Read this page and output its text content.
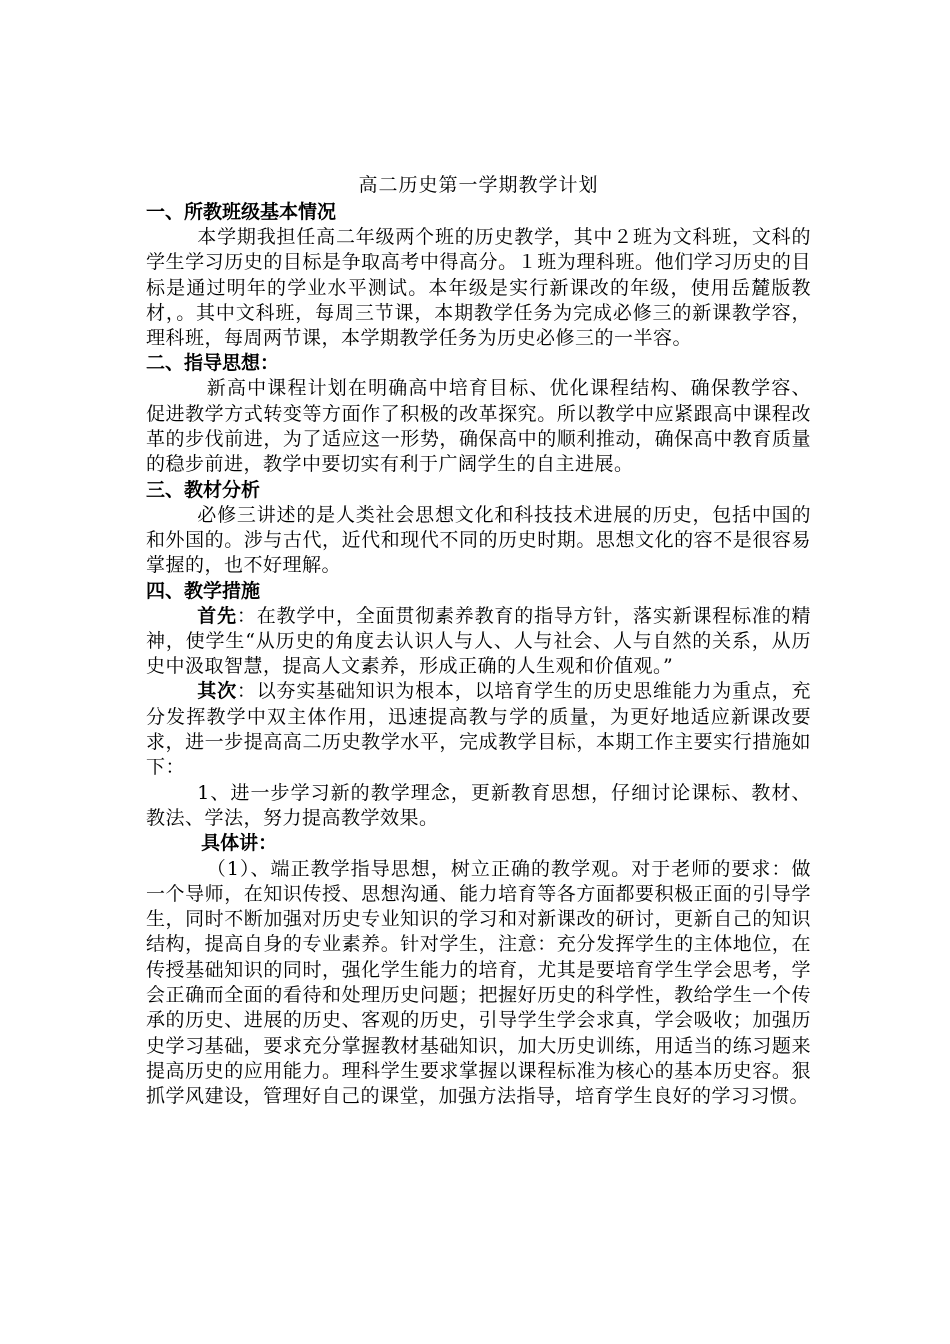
高二历史第一学期教学计划
一、所教班级基本情况

本学期我担任高二年级两个班的历史教学，其中２班为文科班，文科的学生学习历史的目标是争取高考中得高分。１班为理科班。他们学习历史的目标是通过明年的学业水平测试。本年级是实行新课改的年级，使用岳麓版教材，。其中文科班，每周三节课，本期教学任务为完成必修三的新课教学容，理科班，每周两节课，本学期教学任务为历史必修三的一半容。

二、指导思想：

新高中课程计划在明确高中培育目标、优化课程结构、确保教学容、促进教学方式转变等方面作了积极的改革探究。所以教学中应紧跟高中课程改革的步伐前进，为了适应这一形势，确保高中的顺利推动，确保高中教育质量的稳步前进，教学中要切实有利于广阔学生的自主进展。

三、教材分析

必修三讲述的是人类社会思想文化和科技技术进展的历史，包括中国的和外国的。涉与古代，近代和现代不同的历史时期。思想文化的容不是很容易掌握的，也不好理解。

四、教学措施

首先：在教学中，全面贯彻素养教育的指导方针，落实新课程标准的精神，使学生“从历史的角度去认识人与人、人与社会、人与自然的关系，从历史中汲取智慧，提高人文素养，形成正确的人生观和价值观。”

其次：以夯实基础知识为根本，以培育学生的历史思维能力为重点，充分发挥教学中双主体作用，迅速提高教与学的质量，为更好地适应新课改要求，进一步提高高二历史教学水平，完成教学目标，本期工作主要实行措施如下：

1、进一步学习新的教学理念，更新教育思想，仔细讨论课标、教材、教法、学法，努力提高教学效果。

具体讲：

（1）、端正教学指导思想，树立正确的教学观。对于老师的要求：做一个导师，在知识传授、思想沟通、能力培育等各方面都要积极正面的引导学生，同时不断加强对历史专业知识的学习和对新课改的研讨，更新自己的知识结构，提高自身的专业素养。针对学生，注意：充分发挥学生的主体地位，在传授基础知识的同时，强化学生能力的培育，尤其是要培育学生学会思考，学会正确而全面的看待和处理历史问题；把握好历史的科学性，教给学生一个传承的历史、进展的历史、客观的历史，引导学生学会求真，学会吸收；加强历史学习基础，要求充分掌握教材基础知识，加大历史训练，用适当的练习题来提高历史的应用能力。理科学生要求掌握以课程标准为核心的基本历史容。狠抓学风建设，管理好自己的课堂，加强方法指导，培育学生良好的学习习惯。
